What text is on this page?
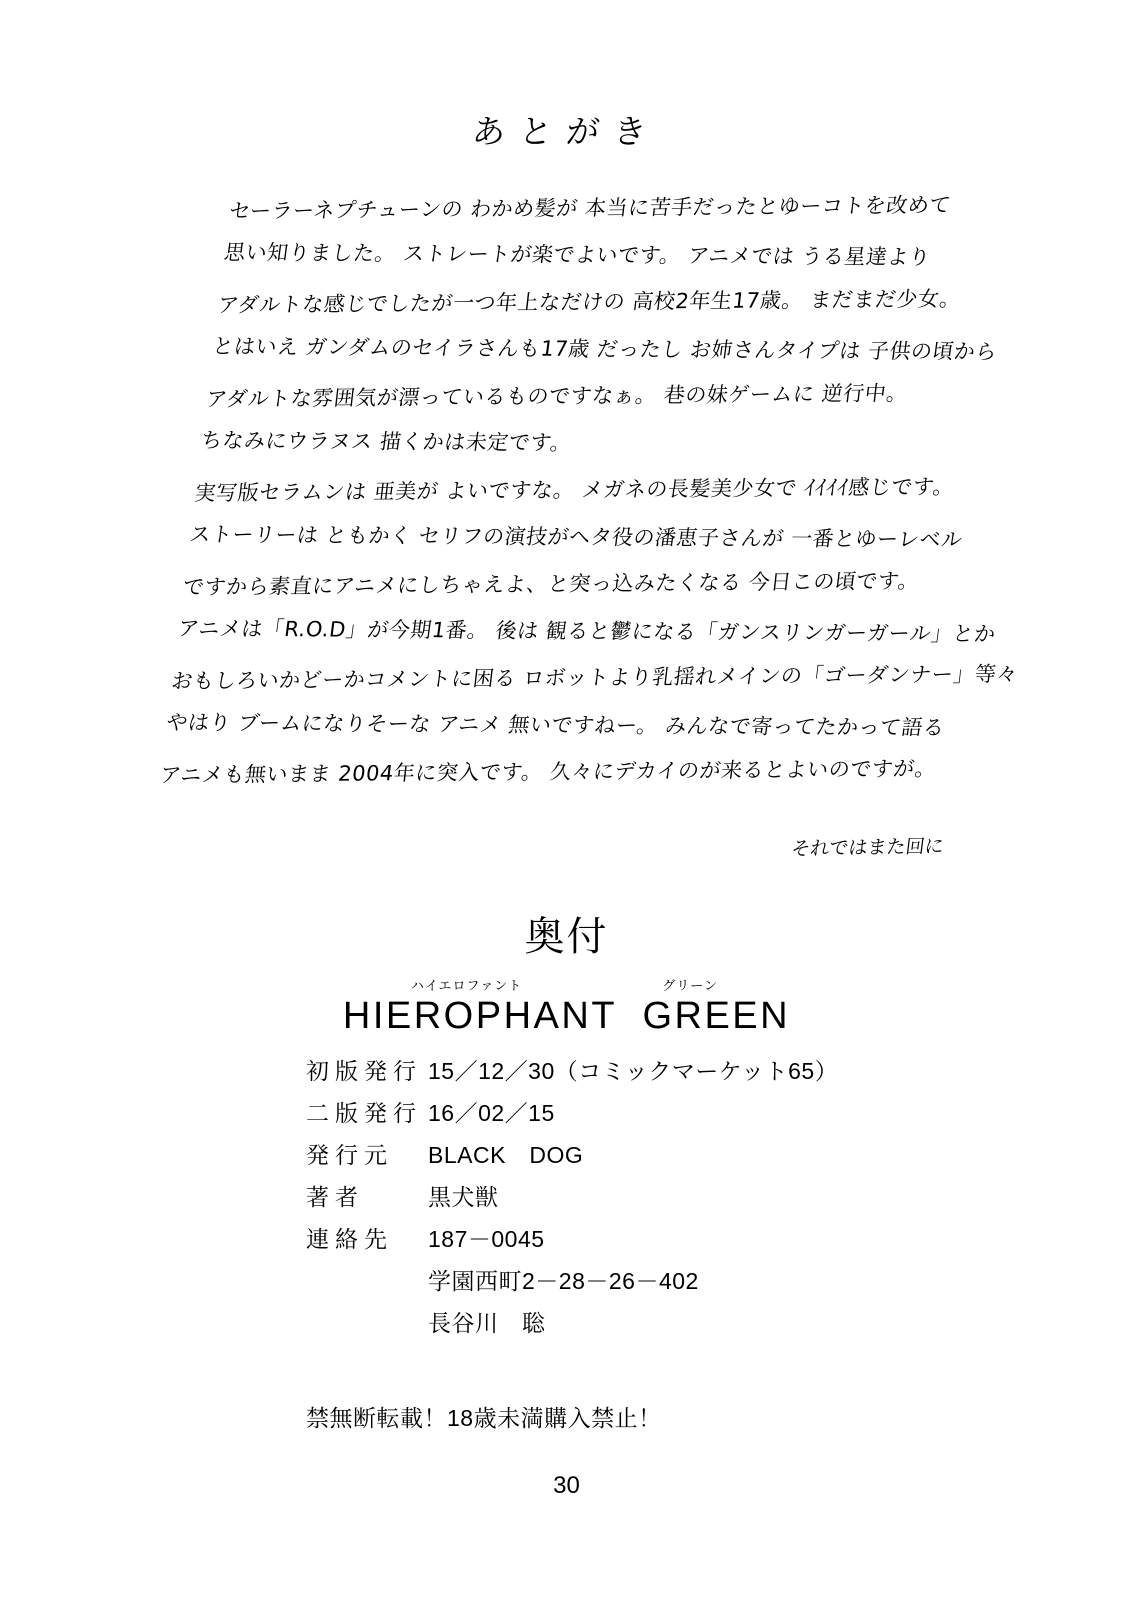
あとがき
セーラーネプチューンの わかめ髪が 本当に苦手だったとゆーコトを改めて
思い知りました。 ストレートが楽でよいです。 アニメでは うる星達より
アダルトな感じでしたが一つ年上なだけの 高校2年生17歳。 まだまだ少女。
とはいえ ガンダムのセイラさんも17歳 だったし お姉さんタイプは 子供の頃から
アダルトな雰囲気が漂っているものですなぁ。 巷の妹ゲームに 逆行中。
ちなみにウラヌス 描くかは未定です。
実写版セラムンは 亜美が よいですな。 メガネの長髪美少女で ｲｲｲｲ感じです。
ストーリーは ともかく セリフの演技がヘタ役の潘恵子さんが 一番とゆーレベル
ですから素直にアニメにしちゃえよ、と突っ込みたくなる 今日この頃です。
アニメは「R.O.D」が今期1番。 後は 観ると鬱になる「ガンスリンガーガール」とか
おもしろいかどーかコメントに困る ロボットより乳揺れメインの「ゴーダンナー」等々
やはり ブームになりそーな アニメ 無いですねー。 みんなで寄ってたかって語る
アニメも無いまま 2004年に突入です。 久々にデカイのが来るとよいのですが。
それではまた回に
奥付
ハイエロファント	グリーン
HIEROPHANT  GREEN
初版発行 15／12／30（コミックマーケット65）
二版発行 16／02／15
発行元	BLACK　DOG
著者	黒犬獣
連絡先	187－0045
学園西町2－28－26－402
長谷川　聡
禁無断転載！18歳未満購入禁止！
30
